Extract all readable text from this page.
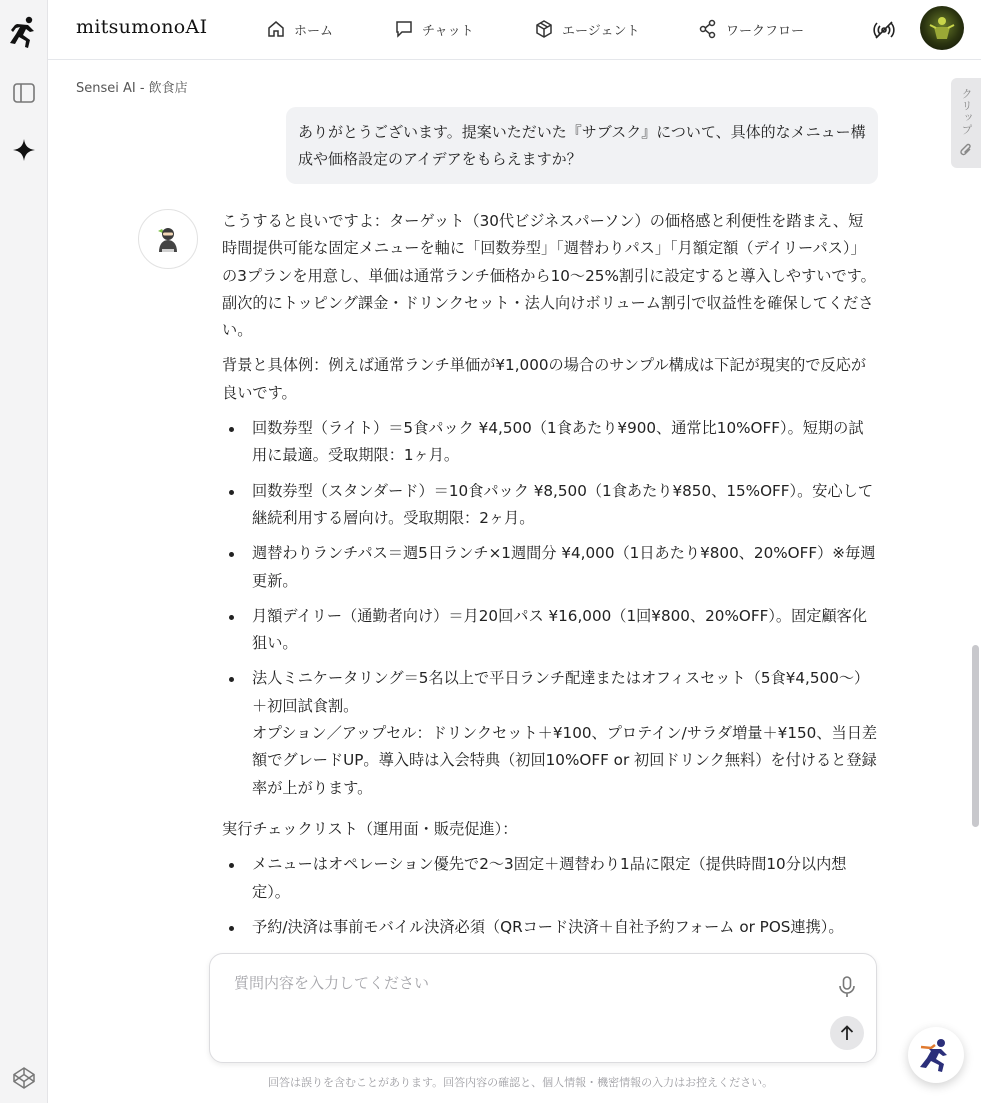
mitsumonoAI	ホーム	チャット	エージェント	ワークフロー
Sensei AI - 飲食店	クリップ
ありがとうございます。提案いただいた『サブスク』について、具体的なメニュー構成や価格設定のアイデアをもらえますか？

こうすると良いですよ：ターゲット（30代ビジネスパーソン）の価格感と利便性を踏まえ、短時間提供可能な固定メニューを軸に「回数券型」「週替わりパス」「月額定額（デイリーパス）」の3プランを用意し、単価は通常ランチ価格から10〜25%割引に設定すると導入しやすいです。副次的にトッピング課金・ドリンクセット・法人向けボリューム割引で収益性を確保してください。

背景と具体例：例えば通常ランチ単価が¥1,000の場合のサンプル構成は下記が現実的で反応が良いです。

回数券型（ライト）＝5食パック ¥4,500（1食あたり¥900、通常比10%OFF）。短期の試用に最適。受取期限：1ヶ月。
回数券型（スタンダード）＝10食パック ¥8,500（1食あたり¥850、15%OFF）。安心して継続利用する層向け。受取期限：2ヶ月。
週替わりランチパス＝週5日ランチ×1週間分 ¥4,000（1日あたり¥800、20%OFF）※毎週更新。
月額デイリー（通勤者向け）＝月20回パス ¥16,000（1回¥800、20%OFF）。固定顧客化狙い。
法人ミニケータリング＝5名以上で平日ランチ配達またはオフィスセット（5食¥4,500〜）＋初回試食割。
オプション／アップセル：ドリンクセット＋¥100、プロテイン/サラダ増量＋¥150、当日差額でグレードUP。導入時は入会特典（初回10%OFF or 初回ドリンク無料）を付けると登録率が上がります。

実行チェックリスト（運用面・販売促進）：

メニューはオペレーション優先で2〜3固定＋週替わり1品に限定（提供時間10分以内想定）。
予約/決済は事前モバイル決済必須（QRコード決済＋自社予約フォーム or POS連携）。
質問内容を入力してください
回答は誤りを含むことがあります。回答内容の確認と、個人情報・機密情報の入力はお控えください。
